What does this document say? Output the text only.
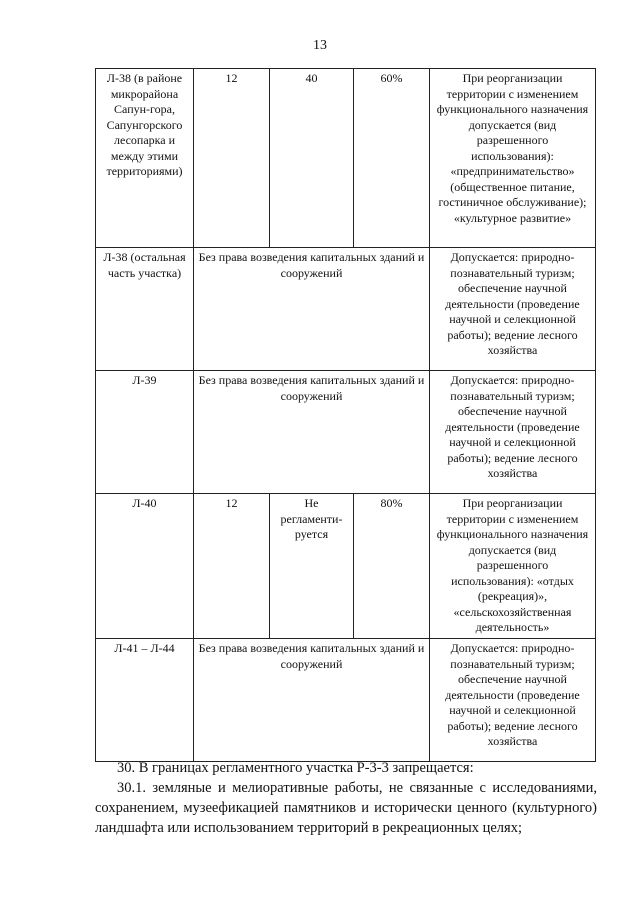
13
Л-38 (в районе микрорайона Сапун-гора, Сапунгорского лесопарка и между этими территориями)	12	40	60%	При реорганизации территории с изменением функционального назначения допускается (вид разрешенного использования): «предпринимательство» (общественное питание, гостиничное обслуживание); «культурное развитие»
Л-38 (остальная часть участка)	Без права возведения капитальных зданий и сооружений			Допускается: природно-познавательный туризм; обеспечение научной деятельности (проведение научной и селекционной работы); ведение лесного хозяйства
Л-39	Без права возведения капитальных зданий и сооружений			Допускается: природно-познавательный туризм; обеспечение научной деятельности (проведение научной и селекционной работы); ведение лесного хозяйства
Л-40	12	Не регламенти-руется	80%	При реорганизации территории с изменением функционального назначения допускается (вид разрешенного использования): «отдых (рекреация)», «сельскохозяйственная деятельность»
Л-41 – Л-44	Без права возведения капитальных зданий и сооружений			Допускается: природно-познавательный туризм; обеспечение научной деятельности (проведение научной и селекционной работы); ведение лесного хозяйства

30. В границах регламентного участка Р-3-3 запрещается:

30.1. земляные и мелиоративные работы, не связанные с исследованиями, сохранением, музеефикацией памятников и исторически ценного (культурного) ландшафта или использованием территорий в рекреационных целях;
